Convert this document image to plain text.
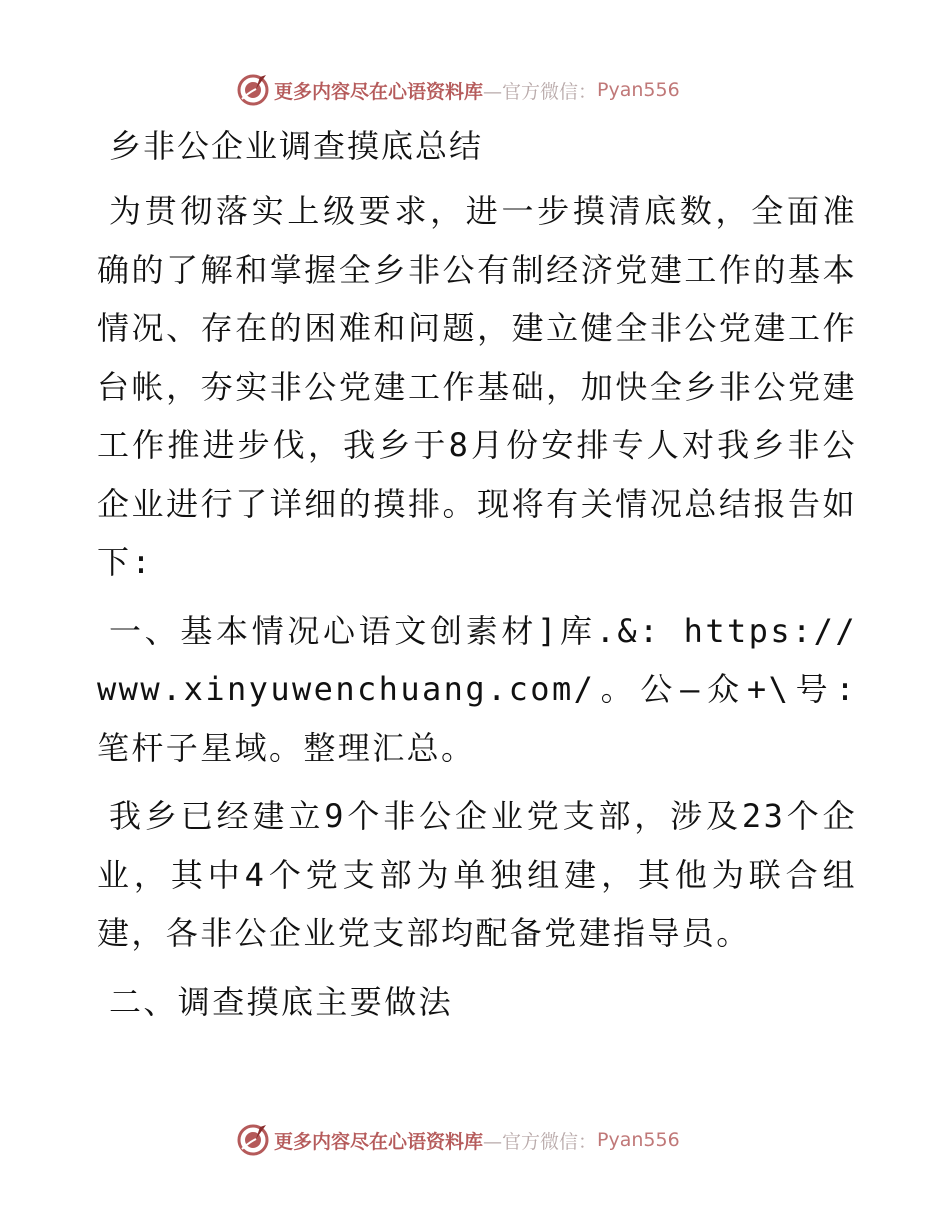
更多内容尽在心语资料库 —官方微信： Pyan556
乡非公企业调查摸底总结

为贯彻落实上级要求，进一步摸清底数，全面准确的了解和掌握全乡非公有制经济党建工作的基本情况、存在的困难和问题，建立健全非公党建工作台帐，夯实非公党建工作基础，加快全乡非公党建工作推进步伐，我乡于8月份安排专人对我乡非公企业进行了详细的摸排。现将有关情况总结报告如下:

一、基本情况心语文创素材]库.&: https://www.xinyuwenchuang.com/。公—众+\号: 笔杆子星域。整理汇总。

我乡已经建立9个非公企业党支部，涉及23个企业，其中4个党支部为单独组建，其他为联合组建，各非公企业党支部均配备党建指导员。

二、调查摸底主要做法
更多内容尽在心语资料库 —官方微信： Pyan556
